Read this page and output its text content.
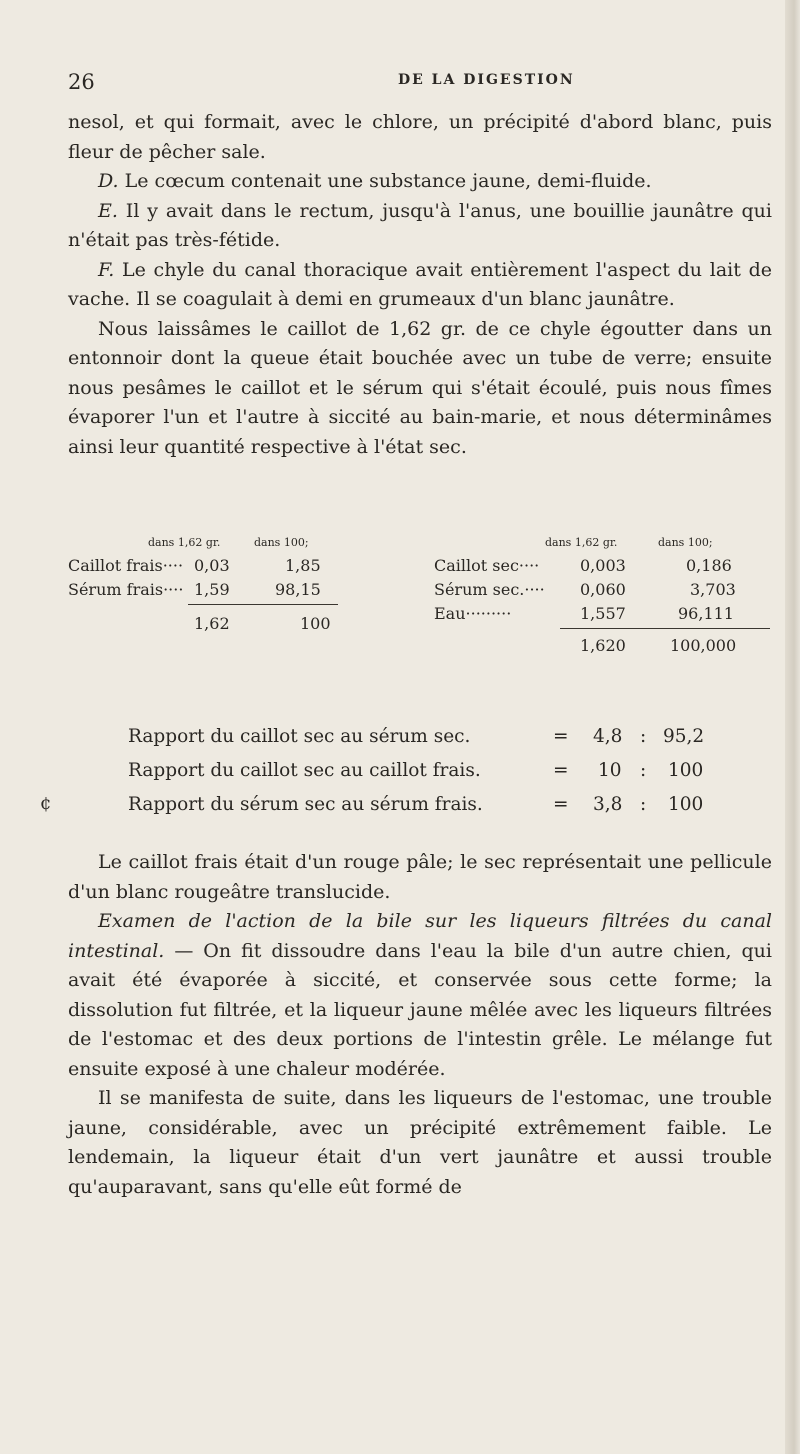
26	DE LA DIGESTION

nesol, et qui formait, avec le chlore, un précipité d'abord blanc, puis fleur de pêcher sale.

D. Le cœcum contenait une substance jaune, demi-fluide.

E. Il y avait dans le rectum, jusqu'à l'anus, une bouillie jaunâtre qui n'était pas très-fétide.

F. Le chyle du canal thoracique avait entièrement l'aspect du lait de vache. Il se coagulait à demi en grumeaux d'un blanc jaunâtre.

Nous laissâmes le caillot de 1,62 gr. de ce chyle égoutter dans un entonnoir dont la queue était bouchée avec un tube de verre; ensuite nous pesâmes le caillot et le sérum qui s'était écoulé, puis nous fîmes évaporer l'un et l'autre à siccité au bain-marie, et nous déterminâmes ainsi leur quantité respective à l'état sec.

dans 1,62 gr.	dans 100;
Caillot frais···· 0,03	1,85
Sérum frais···· 1,59	98,15
1,62	100
dans 1,62 gr.	dans 100;
Caillot sec····	0,003	0,186
Sérum sec.···· 0,060	3,703
Eau·········	1,557	96,111
1,620	100,000
¢
Rapport du caillot sec au sérum sec.	= 4,8 : 95,2
Rapport du caillot sec au caillot frais.	= 10 : 100
Rapport du sérum sec au sérum frais.	= 3,8 : 100

Le caillot frais était d'un rouge pâle; le sec représentait une pellicule d'un blanc rougeâtre translucide.

Examen de l'action de la bile sur les liqueurs filtrées du canal intestinal. — On fit dissoudre dans l'eau la bile d'un autre chien, qui avait été évaporée à siccité, et conservée sous cette forme; la dissolution fut filtrée, et la liqueur jaune mêlée avec les liqueurs filtrées de l'estomac et des deux portions de l'intestin grêle. Le mélange fut ensuite exposé à une chaleur modérée.

Il se manifesta de suite, dans les liqueurs de l'estomac, une trouble jaune, considérable, avec un précipité extrêmement faible. Le lendemain, la liqueur était d'un vert jaunâtre et aussi trouble qu'auparavant, sans qu'elle eût formé de
